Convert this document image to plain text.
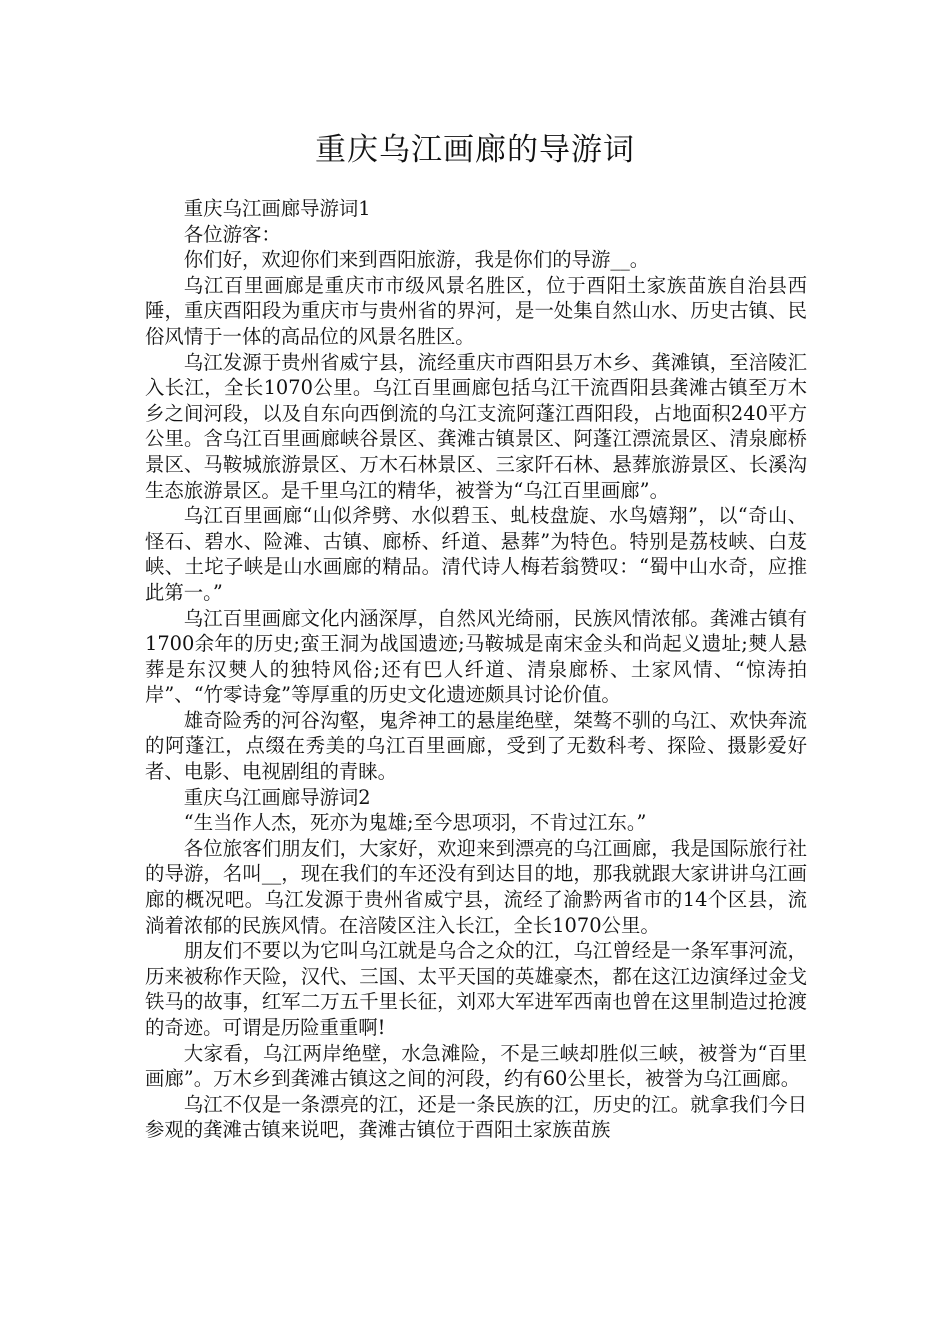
重庆乌江画廊的导游词

重庆乌江画廊导游词1

各位游客：

你们好，欢迎你们来到酉阳旅游，我是你们的导游__。

乌江百里画廊是重庆市市级风景名胜区，位于酉阳土家族苗族自治县西陲，重庆酉阳段为重庆市与贵州省的界河，是一处集自然山水、历史古镇、民俗风情于一体的高品位的风景名胜区。

乌江发源于贵州省威宁县，流经重庆市酉阳县万木乡、龚滩镇，至涪陵汇入长江，全长1070公里。乌江百里画廊包括乌江干流酉阳县龚滩古镇至万木乡之间河段，以及自东向西倒流的乌江支流阿蓬江酉阳段，占地面积240平方公里。含乌江百里画廊峡谷景区、龚滩古镇景区、阿蓬江漂流景区、清泉廊桥景区、马鞍城旅游景区、万木石林景区、三家阡石林、悬葬旅游景区、长溪沟生态旅游景区。是千里乌江的精华，被誉为“乌江百里画廊”。

乌江百里画廊“山似斧劈、水似碧玉、虬枝盘旋、水鸟嬉翔”，以“奇山、怪石、碧水、险滩、古镇、廊桥、纤道、悬葬”为特色。特别是荔枝峡、白芨峡、土坨子峡是山水画廊的精品。清代诗人梅若翁赞叹：“蜀中山水奇，应推此第一。”

乌江百里画廊文化内涵深厚，自然风光绮丽，民族风情浓郁。龚滩古镇有1700余年的历史;蛮王洞为战国遗迹;马鞍城是南宋金头和尚起义遗址;僰人悬葬是东汉僰人的独特风俗;还有巴人纤道、清泉廊桥、土家风情、“惊涛拍岸”、“竹零诗龛”等厚重的历史文化遗迹颇具讨论价值。

雄奇险秀的河谷沟壑，鬼斧神工的悬崖绝壁，桀骜不驯的乌江、欢快奔流的阿蓬江，点缀在秀美的乌江百里画廊，受到了无数科考、探险、摄影爱好者、电影、电视剧组的青睐。

重庆乌江画廊导游词2

“生当作人杰，死亦为鬼雄;至今思项羽，不肯过江东。”

各位旅客们朋友们，大家好，欢迎来到漂亮的乌江画廊，我是国际旅行社的导游，名叫__，现在我们的车还没有到达目的地，那我就跟大家讲讲乌江画廊的概况吧。乌江发源于贵州省威宁县，流经了渝黔两省市的14个区县，流淌着浓郁的民族风情。在涪陵区注入长江，全长1070公里。

朋友们不要以为它叫乌江就是乌合之众的江，乌江曾经是一条军事河流，历来被称作天险，汉代、三国、太平天国的英雄豪杰，都在这江边演绎过金戈铁马的故事，红军二万五千里长征，刘邓大军进军西南也曾在这里制造过抢渡的奇迹。可谓是历险重重啊!

大家看，乌江两岸绝壁，水急滩险，不是三峡却胜似三峡，被誉为“百里画廊”。万木乡到龚滩古镇这之间的河段，约有60公里长，被誉为乌江画廊。

乌江不仅是一条漂亮的江，还是一条民族的江，历史的江。就拿我们今日参观的龚滩古镇来说吧，龚滩古镇位于酉阳土家族苗族
